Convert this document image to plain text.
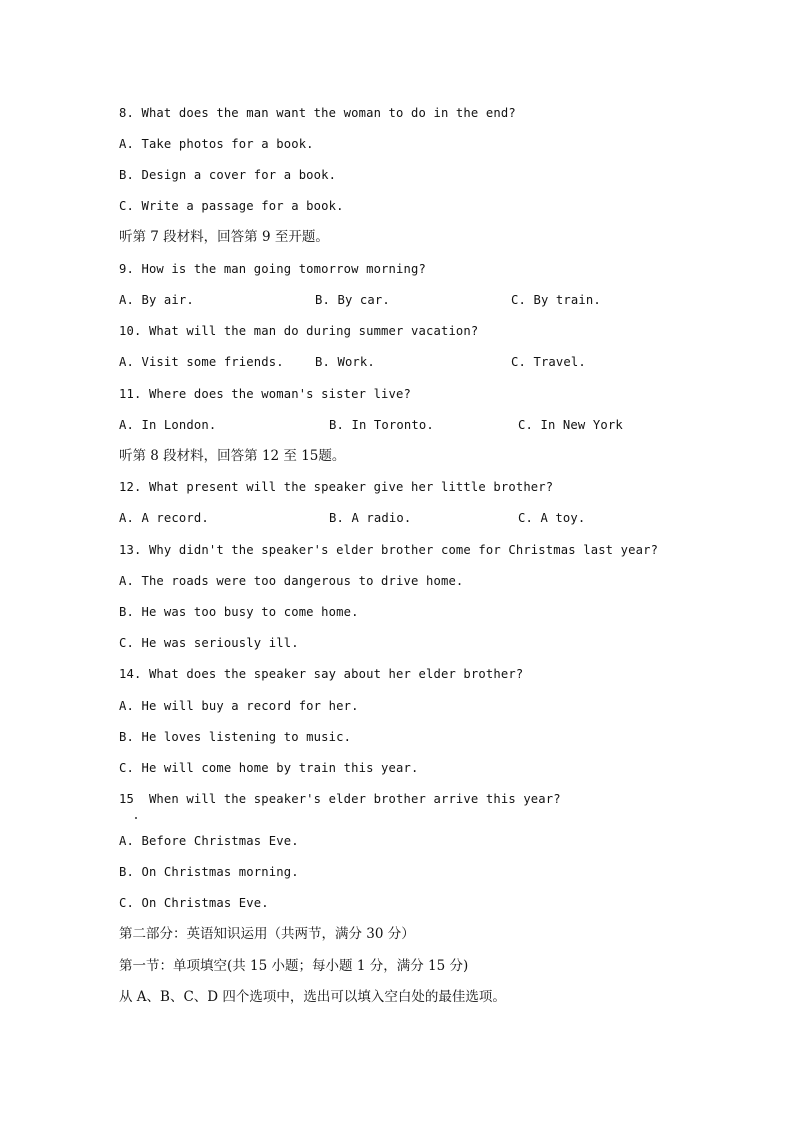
8. What does the man want the woman to do in the end?
A. Take photos for a book.
B. Design a cover for a book.
C. Write a passage for a book.
听第 7 段材料，回答第 9 至开题。
9. How is the man going tomorrow morning?
A. By air.	B. By car.	C. By train.
10. What will the man do during summer vacation?
A. Visit some friends.	B. Work.	C. Travel.
11. Where does the woman's sister live?
A. In London.	B. In Toronto.	C. In New York
听第 8 段材料，回答第 12 至 15题。
12. What present will the speaker give her little brother?
A. A record.	B. A radio.	C. A toy.
13. Why didn't the speaker's elder brother come for Christmas last year?
A. The roads were too dangerous to drive home.
B. He was too busy to come home.
C. He was seriously ill.
14. What does the speaker say about her elder brother?
A. He will buy a record for her.
B. He loves listening to music.
C. He will come home by train this year.
15  When will the speaker's elder brother arrive this year?
A. Before Christmas Eve.
B. On Christmas morning.
C. On Christmas Eve.
第二部分：英语知识运用（共两节，满分 30 分）
第一节：单项填空(共 15 小题；每小题 1 分，满分 15 分)
从 A、B、C、D 四个选项中，选出可以填入空白处的最佳选项。
